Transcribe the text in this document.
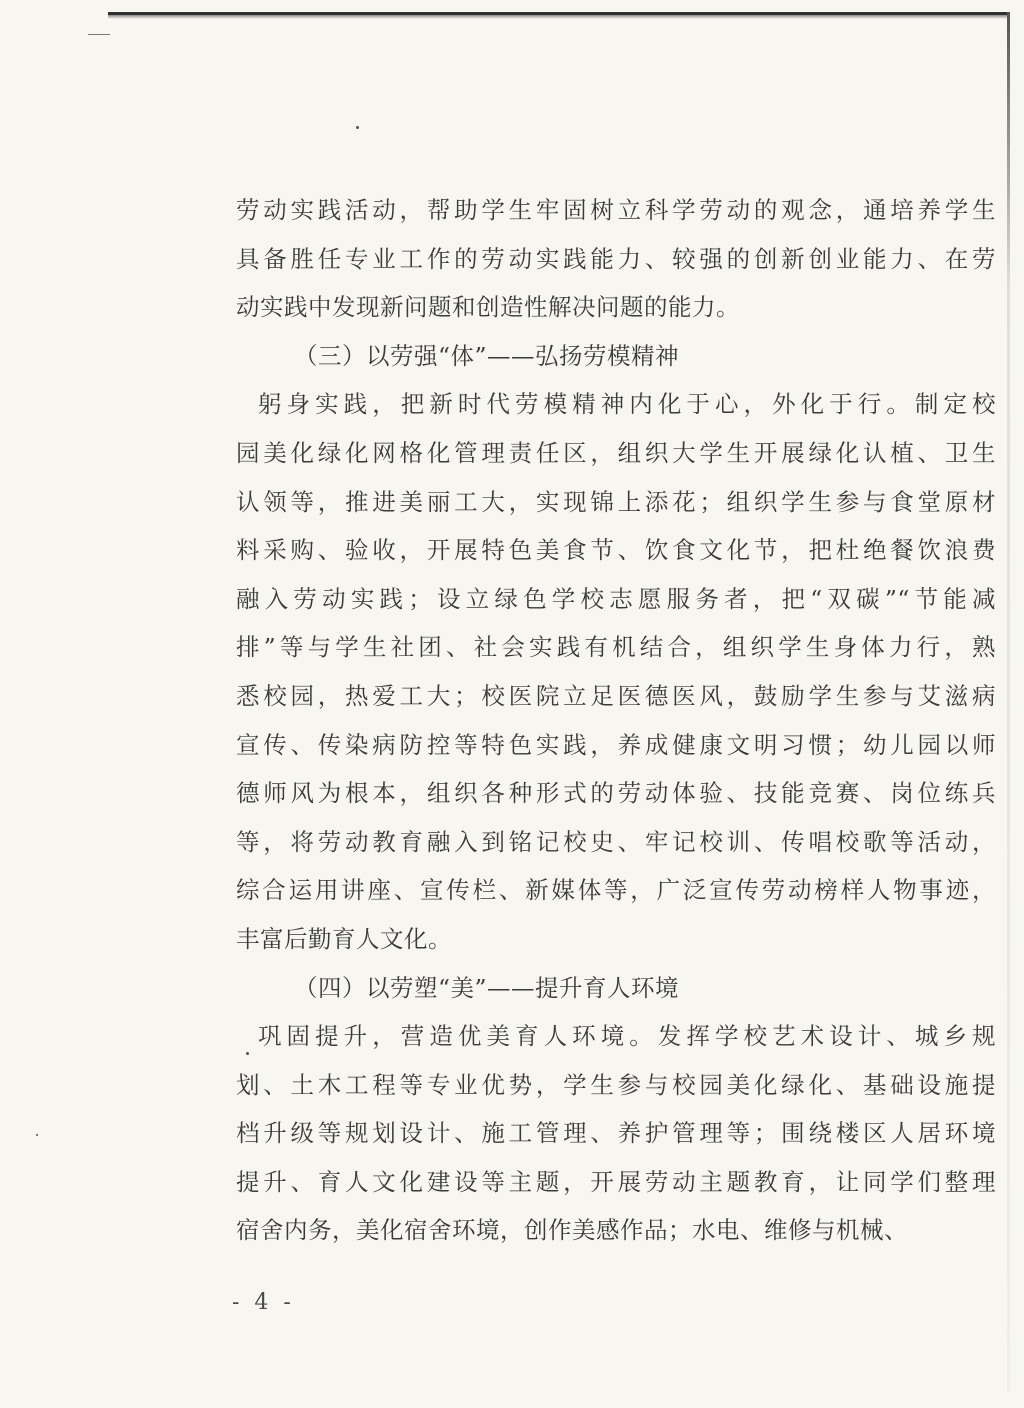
劳动实践活动，帮助学生牢固树立科学劳动的观念，通培养学生
具备胜任专业工作的劳动实践能力、较强的创新创业能力、在劳
动实践中发现新问题和创造性解决问题的能力。
（三）以劳强“体”——弘扬劳模精神
躬身实践，把新时代劳模精神内化于心，外化于行。制定校
园美化绿化网格化管理责任区，组织大学生开展绿化认植、卫生
认领等，推进美丽工大，实现锦上添花；组织学生参与食堂原材
料采购、验收，开展特色美食节、饮食文化节，把杜绝餐饮浪费
融入劳动实践；设立绿色学校志愿服务者，把“双碳”“节能减
排”等与学生社团、社会实践有机结合，组织学生身体力行，熟
悉校园，热爱工大；校医院立足医德医风，鼓励学生参与艾滋病
宣传、传染病防控等特色实践，养成健康文明习惯；幼儿园以师
德师风为根本，组织各种形式的劳动体验、技能竞赛、岗位练兵
等，将劳动教育融入到铭记校史、牢记校训、传唱校歌等活动，
综合运用讲座、宣传栏、新媒体等，广泛宣传劳动榜样人物事迹，
丰富后勤育人文化。
（四）以劳塑“美”——提升育人环境
巩固提升，营造优美育人环境。发挥学校艺术设计、城乡规
划、土木工程等专业优势，学生参与校园美化绿化、基础设施提
档升级等规划设计、施工管理、养护管理等；围绕楼区人居环境
提升、育人文化建设等主题，开展劳动主题教育，让同学们整理
宿舍内务，美化宿舍环境，创作美感作品；水电、维修与机械、
- 4 -
